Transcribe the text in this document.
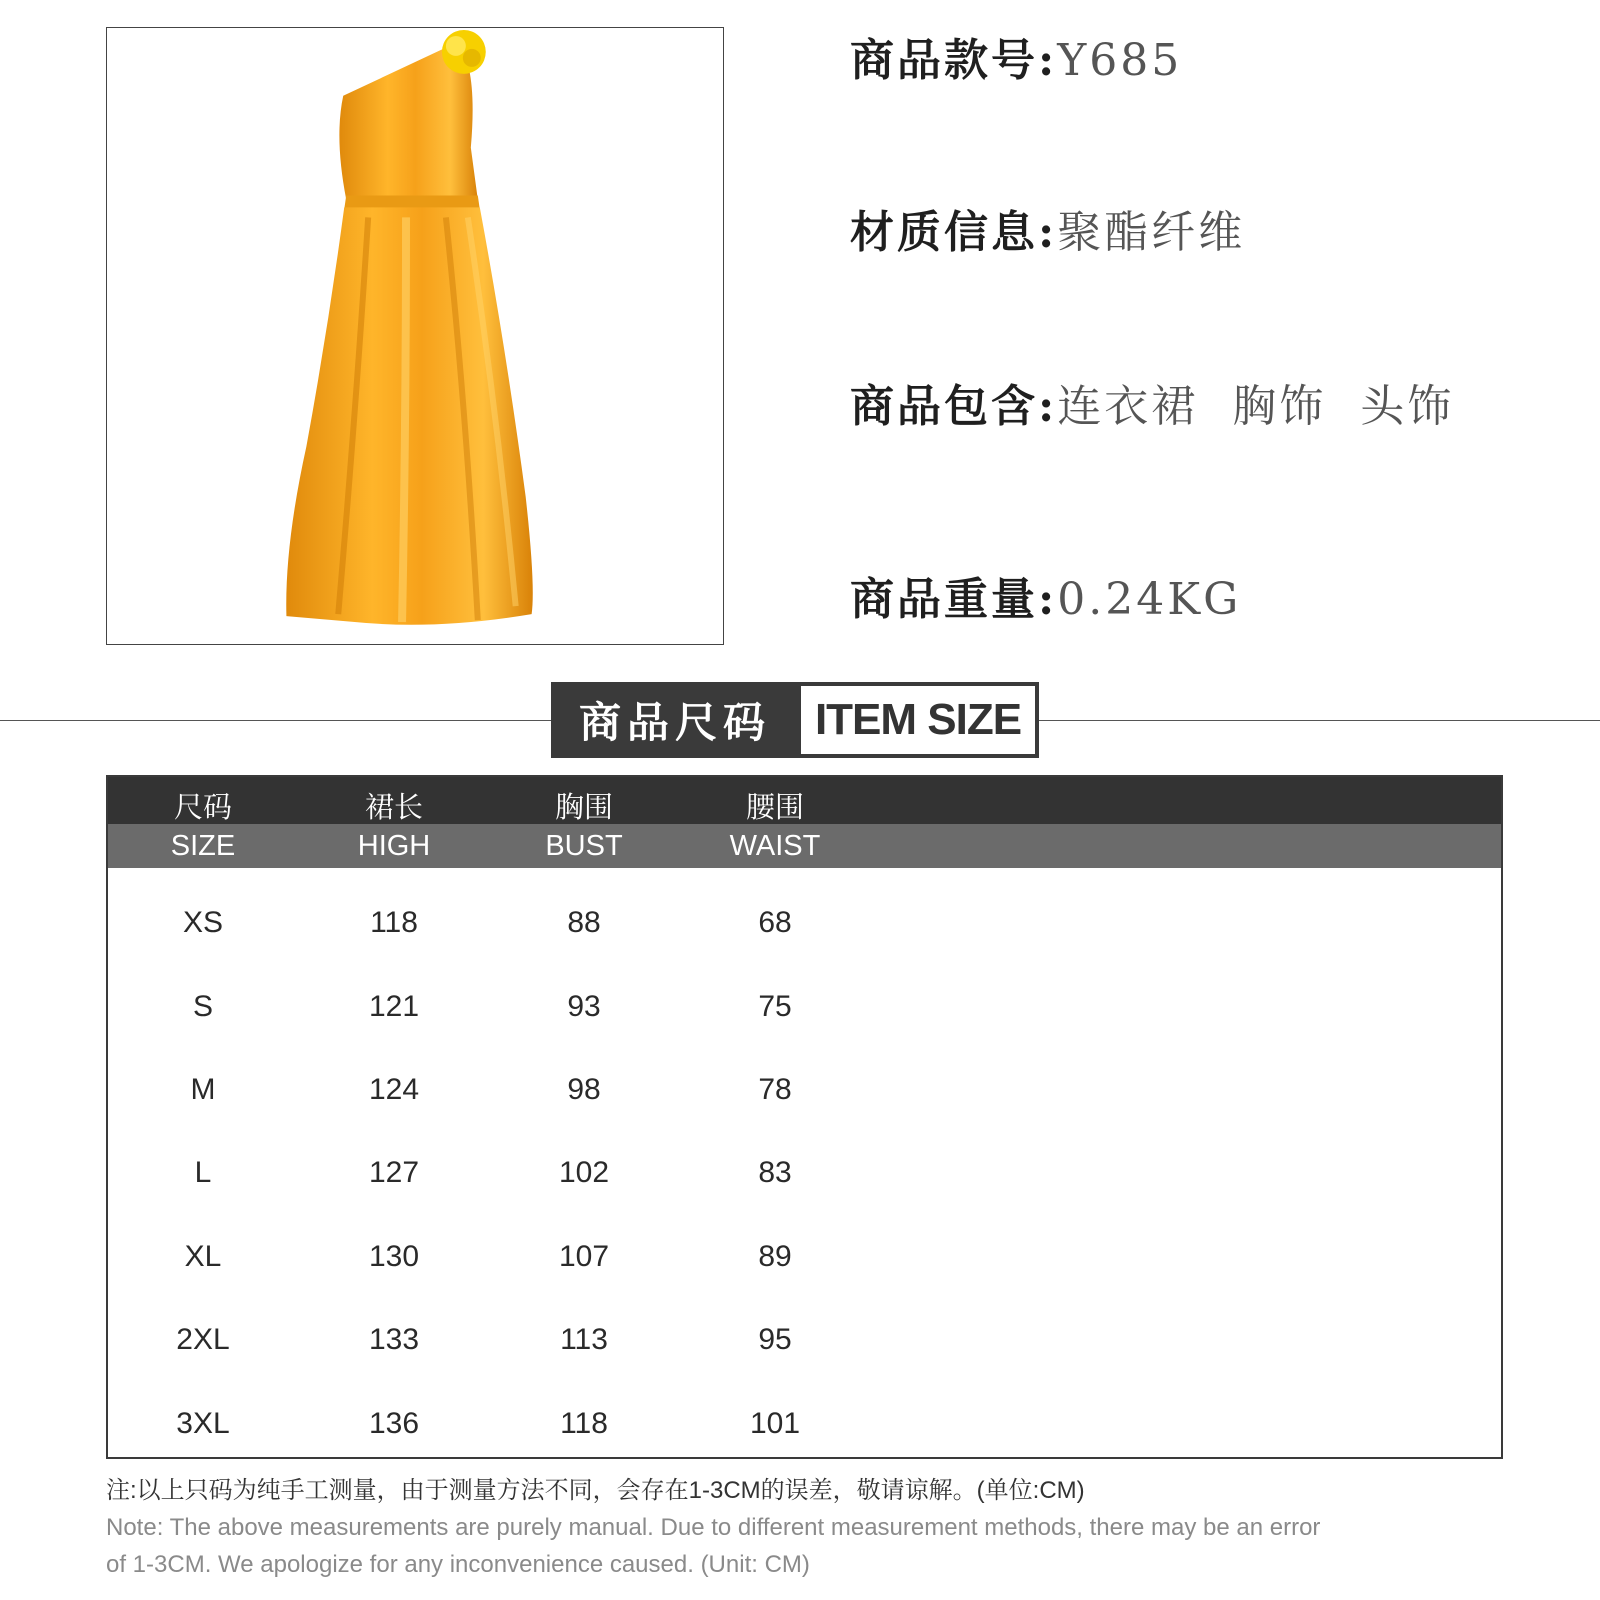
商品款号:Y685
材质信息:聚酯纤维
商品包含:连衣裙  胸饰  头饰
商品重量:0.24KG
商品尺码 ITEM SIZE
尺码	裙长	胸围	腰围
SIZE	HIGH	BUST	WAIST
XS	118	88	68
S	121	93	75
M	124	98	78
L	127	102	83
XL	130	107	89
2XL	133	113	95
3XL	136	118	101
注:以上只码为纯手工测量，由于测量方法不同，会存在1-3CM的误差，敬请谅解。(单位:CM)
Note: The above measurements are purely manual. Due to different measurement methods, there may be an error
of 1-3CM. We apologize for any inconvenience caused. (Unit: CM)
